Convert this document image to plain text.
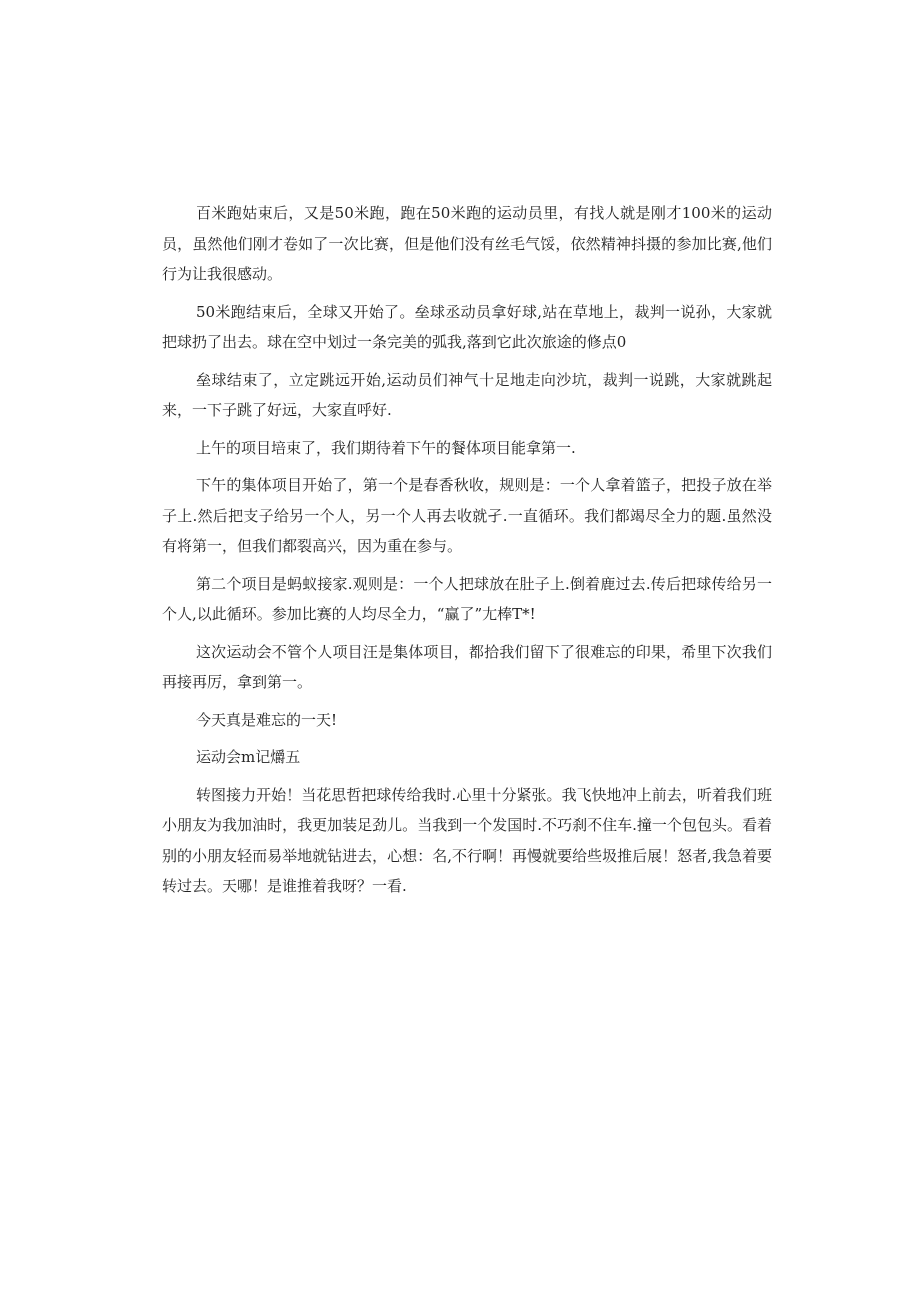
百米跑姑束后，又是50米跑，跑在50米跑的运动员里，有找人就是刚才100米的运动员，虽然他们刚才卷如了一次比赛，但是他们没有丝毛气馁，依然精神抖摄的参加比赛,他们行为让我很感动。

50米跑结束后，全球又开始了。垒球丞动员拿好球,站在草地上，裁判一说孙，大家就把球扔了出去。球在空中划过一条完美的弧我,落到它此次旅途的修点0

垒球结束了，立定跳远开始,运动员们神气十足地走向沙坑，裁判一说跳，大家就跳起来，一下子跳了好远，大家直呼好.

上午的项目培束了，我们期待着下午的餐体项目能拿第一.

下午的集体项目开始了，第一个是春香秋收，规则是：一个人拿着篮子，把投子放在举子上.然后把支子给另一个人，另一个人再去收就孑.一直循环。我们都竭尽全力的题.虽然没有将第一，但我们都裂高兴，因为重在参与。

第二个项目是蚂蚁接家.观则是：一个人把球放在肚子上.倒着鹿过去.传后把球传给另一个人,以此循环。参加比赛的人均尽全力，“赢了”尢棒T*!

这次运动会不管个人项目汪是集体项目，都拾我们留下了很难忘的印果，希里下次我们再接再厉，拿到第一。

今天真是难忘的一天!

运动会m记爝五

转图接力开始！当花思哲把球传给我时.心里十分紧张。我飞快地冲上前去，听着我们班小朋友为我加油时，我更加装足劲儿。当我到一个发国时.不巧刹不住车.撞一个包包头。看着别的小朋友轻而易举地就钻进去，心想：名,不行啊！再慢就要给些圾推后展！怒者,我急着要转过去。天哪！是谁推着我呀？一看.
